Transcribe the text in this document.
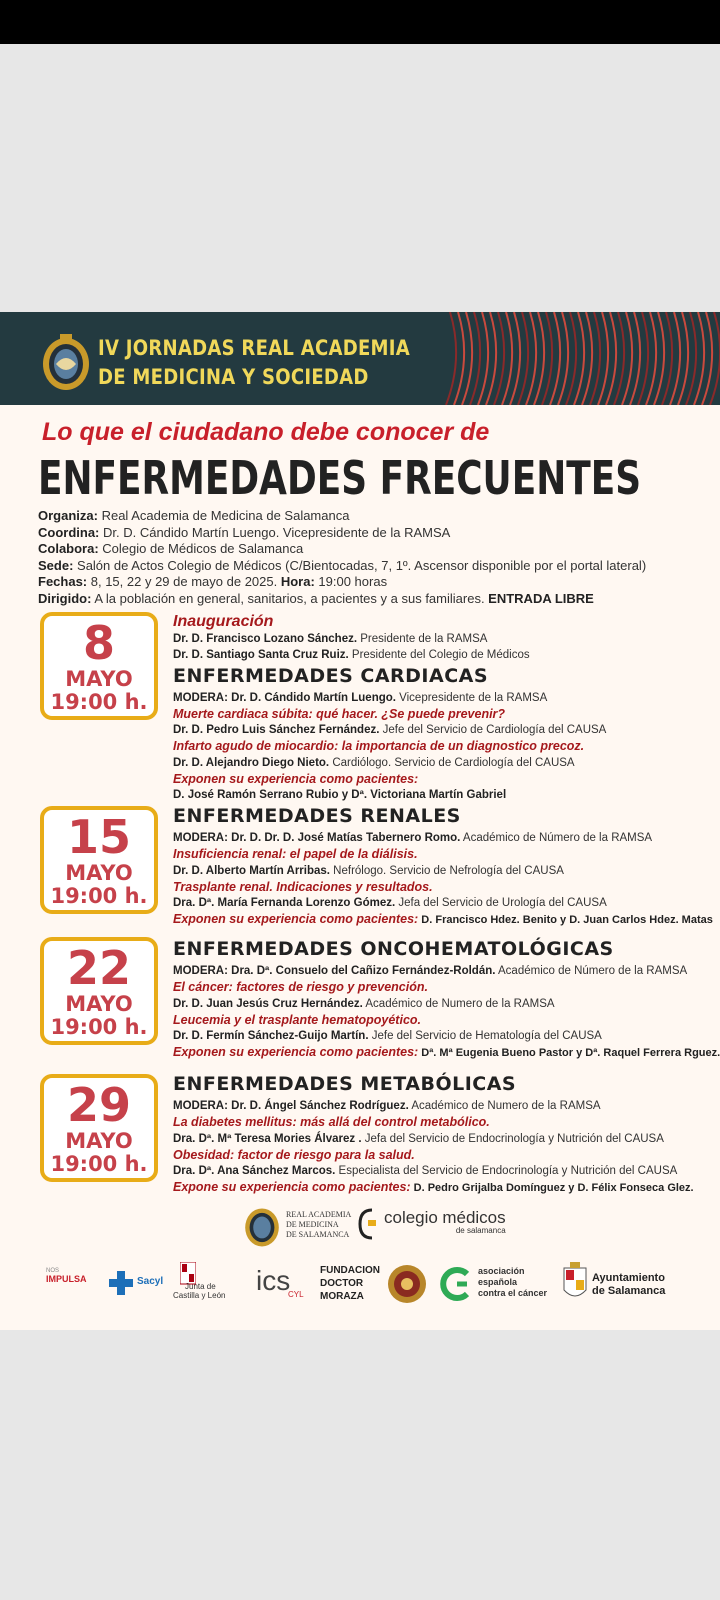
IV JORNADAS REAL ACADEMIA
DE MEDICINA Y SOCIEDAD
Lo que el ciudadano debe conocer de
ENFERMEDADES FRECUENTES
Organiza: Real Academia de Medicina de Salamanca
Coordina: Dr. D. Cándido Martín Luengo. Vicepresidente de la RAMSA
Colabora: Colegio de Médicos de Salamanca
Sede: Salón de Actos Colegio de Médicos (C/Bientocadas, 7, 1º. Ascensor disponible por el portal lateral)
Fechas: 8, 15, 22 y 29 de mayo de 2025. Hora: 19:00 horas
Dirigido: A la población en general, sanitarios, a pacientes y a sus familiares. ENTRADA LIBRE
8
MAYO
19:00 h.
Inauguración
Dr. D. Francisco Lozano Sánchez. Presidente de la RAMSA
Dr. D. Santiago Santa Cruz Ruiz. Presidente del Colegio de Médicos
ENFERMEDADES CARDIACAS
MODERA: Dr. D. Cándido Martín Luengo. Vicepresidente de la RAMSA
Muerte cardiaca súbita: qué hacer. ¿Se puede prevenir?
Dr. D. Pedro Luis Sánchez Fernández. Jefe del Servicio de Cardiología del CAUSA
Infarto agudo de miocardio: la importancia de un diagnostico precoz.
Dr. D. Alejandro Diego Nieto. Cardiólogo. Servicio de Cardiología del CAUSA
Exponen su experiencia como pacientes:
D. José Ramón Serrano Rubio y Dª. Victoriana Martín Gabriel
15
MAYO
19:00 h.
ENFERMEDADES RENALES
MODERA: Dr. D. Dr. D. José Matías Tabernero Romo. Académico de Número de la RAMSA
Insuficiencia renal: el papel de la diálisis.
Dr. D. Alberto Martín Arribas. Nefrólogo. Servicio de Nefrología del CAUSA
Trasplante renal. Indicaciones y resultados.
Dra. Dª. María Fernanda Lorenzo Gómez. Jefa del Servicio de Urología del CAUSA
Exponen su experiencia como pacientes: D. Francisco Hdez. Benito y D. Juan Carlos Hdez. Matas
22
MAYO
19:00 h.
ENFERMEDADES ONCOHEMATOLÓGICAS
MODERA: Dra. Dª. Consuelo del Cañizo Fernández-Roldán. Académico de Número de la RAMSA
El cáncer: factores de riesgo y prevención.
Dr. D. Juan Jesús Cruz Hernández. Académico de Numero de la RAMSA
Leucemia y el trasplante hematopoyético.
Dr. D. Fermín Sánchez-Guijo Martín. Jefe del Servicio de Hematología del CAUSA
Exponen su experiencia como pacientes: Dª. Mª Eugenia Bueno Pastor y Dª. Raquel Ferrera Rguez.
29
MAYO
19:00 h.
ENFERMEDADES METABÓLICAS
MODERA: Dr. D. Ángel Sánchez Rodríguez. Académico de Numero de la RAMSA
La diabetes mellitus: más allá del control metabólico.
Dra. Dª. Mª Teresa Mories Álvarez . Jefa del Servicio de Endocrinología y Nutrición del CAUSA
Obesidad: factor de riesgo para la salud.
Dra. Dª. Ana Sánchez Marcos. Especialista del Servicio de Endocrinología y Nutrición del CAUSA
Expone su experiencia como pacientes: D. Pedro Grijalba Domínguez y D. Félix Fonseca Glez.
REAL ACADEMIA
DE MEDICINA
DE SALAMANCA
colegio médicos
de salamanca
NOS
IMPULSA	Sacyl	Junta de
Castilla y León ics
CYL
FUNDACION
DOCTOR
MORAZA
asociación
española
contra el cáncer
Ayuntamiento
de Salamanca
